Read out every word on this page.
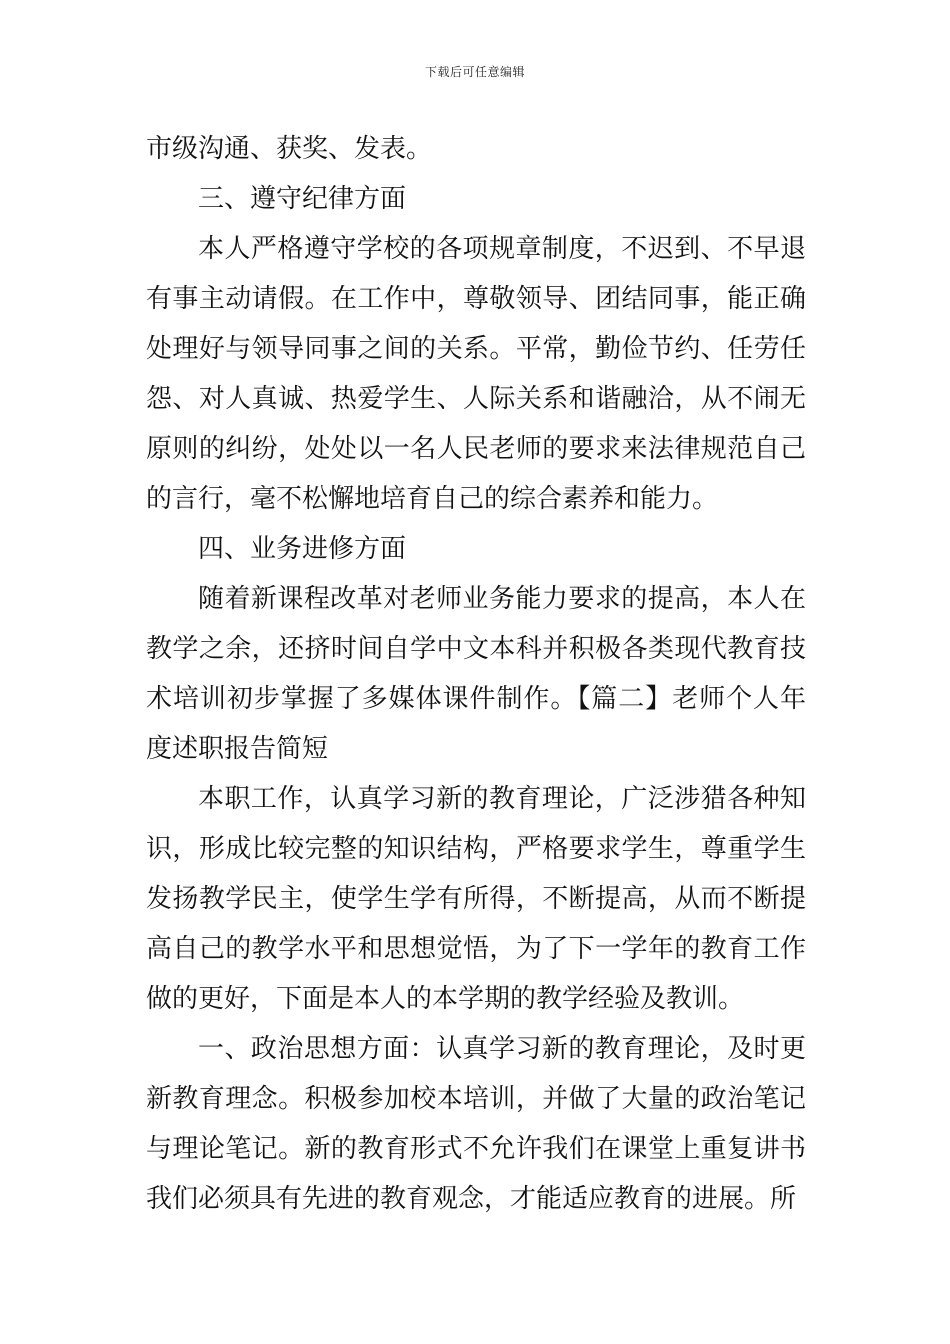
下载后可任意编辑

市级沟通、获奖、发表。

三、遵守纪律方面

本人严格遵守学校的各项规章制度，不迟到、不早退有事主动请假。在工作中，尊敬领导、团结同事，能正确处理好与领导同事之间的关系。平常，勤俭节约、任劳任怨、对人真诚、热爱学生、人际关系和谐融洽，从不闹无原则的纠纷，处处以一名人民老师的要求来法律规范自己的言行，毫不松懈地培育自己的综合素养和能力。

四、业务进修方面

随着新课程改革对老师业务能力要求的提高，本人在教学之余，还挤时间自学中文本科并积极各类现代教育技术培训初步掌握了多媒体课件制作。【篇二】老师个人年度述职报告简短

本职工作，认真学习新的教育理论，广泛涉猎各种知识，形成比较完整的知识结构，严格要求学生，尊重学生发扬教学民主，使学生学有所得，不断提高，从而不断提高自己的教学水平和思想觉悟，为了下一学年的教育工作做的更好，下面是本人的本学期的教学经验及教训。

一、政治思想方面：认真学习新的教育理论，及时更新教育理念。积极参加校本培训，并做了大量的政治笔记与理论笔记。新的教育形式不允许我们在课堂上重复讲书我们必须具有先进的教育观念，才能适应教育的进展。所
